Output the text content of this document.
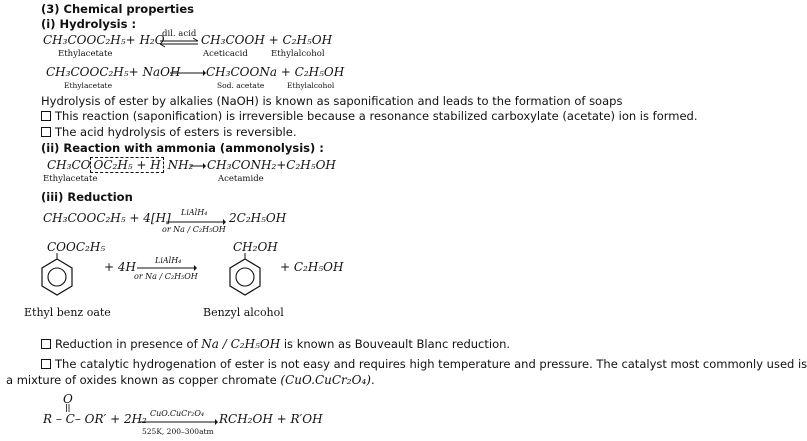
(3) Chemical properties
(i) Hydrolysis :
CH₃COOC₂H₅+ H₂O
dil. acid CH₃COOH + C₂H₅OH
Ethylacetate	Aceticacid	Ethylalcohol
CH₃COOC₂H₅+ NaOH CH₃COONa + C₂H₅OH
Ethylacetate	Sod. acetate	Ethylalcohol
Hydrolysis of ester by alkalies (NaOH) is known as saponification and leads to the formation of soaps
This reaction (saponification) is irreversible because a resonance stabilized carboxylate (acetate) ion is formed.
The acid hydrolysis of esters is reversible.
(ii) Reaction with ammonia (ammonolysis) :
CH₃CO OC₂H₅ + H NH₂ CH₃CONH₂+C₂H₅OH
Ethylacetate	Acetamide
(iii) Reduction
CH₃COOC₂H₅ + 4[H] LiAlH₄
or Na / C₂H₅OH
2C₂H₅OH
COOC₂H₅
+ 4H LiAlH₄
or Na / C₂H₅OH
CH₂OH
+ C₂H₅OH
Ethyl benz oate	Benzyl alcohol
Reduction in presence of Na / C₂H₅OH is known as Bouveault Blanc reduction.
The catalytic hydrogenation of ester is not easy and requires high temperature and pressure. The catalyst most commonly used is
a mixture of oxides known as copper chromate (CuO.CuCr₂O₄).
O
R – C– OR′ + 2H₂ CuO.CuCr₂O₄
525K, 200–300atm
RCH₂OH + R′OH
